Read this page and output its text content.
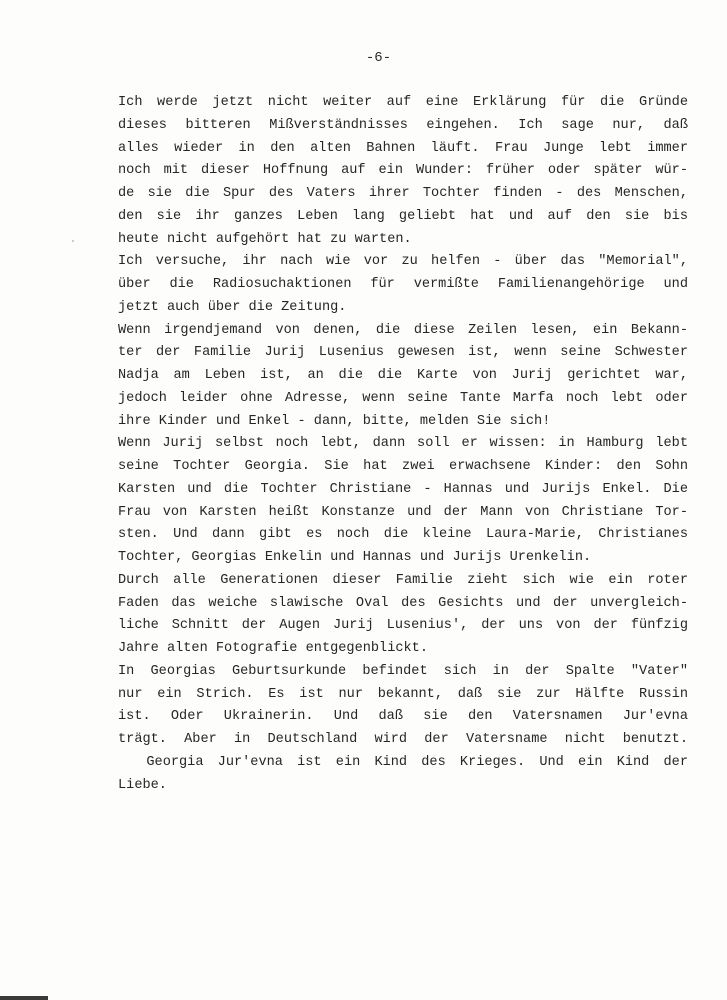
-6-
Ich werde jetzt nicht weiter auf eine Erklärung für die Gründe
dieses bitteren Mißverständnisses eingehen. Ich sage nur, daß
alles wieder in den alten Bahnen läuft. Frau Junge lebt immer
noch mit dieser Hoffnung auf ein Wunder: früher oder später wür-
de sie die Spur des Vaters ihrer Tochter finden - des Menschen,
den sie ihr ganzes Leben lang geliebt hat und auf den sie bis
heute nicht aufgehört hat zu warten.
Ich versuche, ihr nach wie vor zu helfen - über das "Memorial",
über die Radiosuchaktionen für vermißte Familienangehörige und
jetzt auch über die Zeitung.
Wenn irgendjemand von denen, die diese Zeilen lesen, ein Bekann-
ter der Familie Jurij Lusenius gewesen ist, wenn seine Schwester
Nadja am Leben ist, an die die Karte von Jurij gerichtet war,
jedoch leider ohne Adresse, wenn seine Tante Marfa noch lebt oder
ihre Kinder und Enkel - dann, bitte, melden Sie sich!
Wenn Jurij selbst noch lebt, dann soll er wissen: in Hamburg lebt
seine Tochter Georgia. Sie hat zwei erwachsene Kinder: den Sohn
Karsten und die Tochter Christiane - Hannas und Jurijs Enkel. Die
Frau von Karsten heißt Konstanze und der Mann von Christiane Tor-
sten. Und dann gibt es noch die kleine Laura-Marie, Christianes
Tochter, Georgias Enkelin und Hannas und Jurijs Urenkelin.
Durch alle Generationen dieser Familie zieht sich wie ein roter
Faden das weiche slawische Oval des Gesichts und der unvergleich-
liche Schnitt der Augen Jurij Lusenius', der uns von der fünfzig
Jahre alten Fotografie entgegenblickt.
In Georgias Geburtsurkunde befindet sich in der Spalte "Vater"
nur ein Strich. Es ist nur bekannt, daß sie zur Hälfte Russin
ist. Oder Ukrainerin. Und daß sie den Vatersnamen Jur'evna
trägt. Aber in Deutschland wird der Vatersname nicht benutzt.
Georgia Jur'evna ist ein Kind des Krieges. Und ein Kind der
Liebe.
